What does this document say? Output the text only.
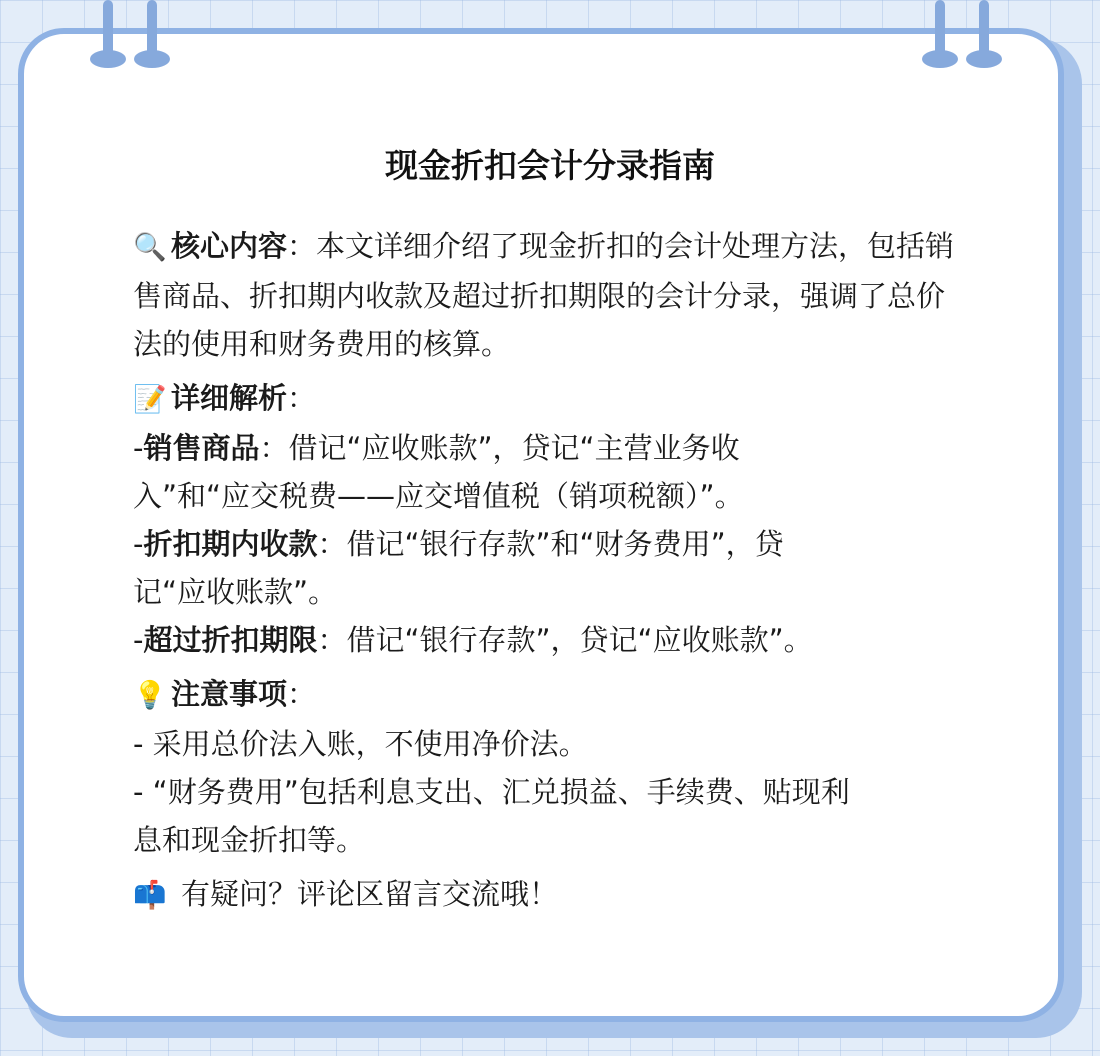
现金折扣会计分录指南

🔍 核心内容：本文详细介绍了现金折扣的会计处理方法，包括销售商品、折扣期内收款及超过折扣期限的会计分录，强调了总价法的使用和财务费用的核算。

📝 详细解析：
-销售商品：借记“应收账款”，贷记“主营业务收
入”和“应交税费——应交增值税（销项税额）”。
-折扣期内收款：借记“银行存款”和“财务费用”，贷
记“应收账款”。
-超过折扣期限：借记“银行存款”，贷记“应收账款”。
💡 注意事项：
- 采用总价法入账，不使用净价法。
- “财务费用”包括利息支出、汇兑损益、手续费、贴现利
息和现金折扣等。
📫 有疑问？评论区留言交流哦！
